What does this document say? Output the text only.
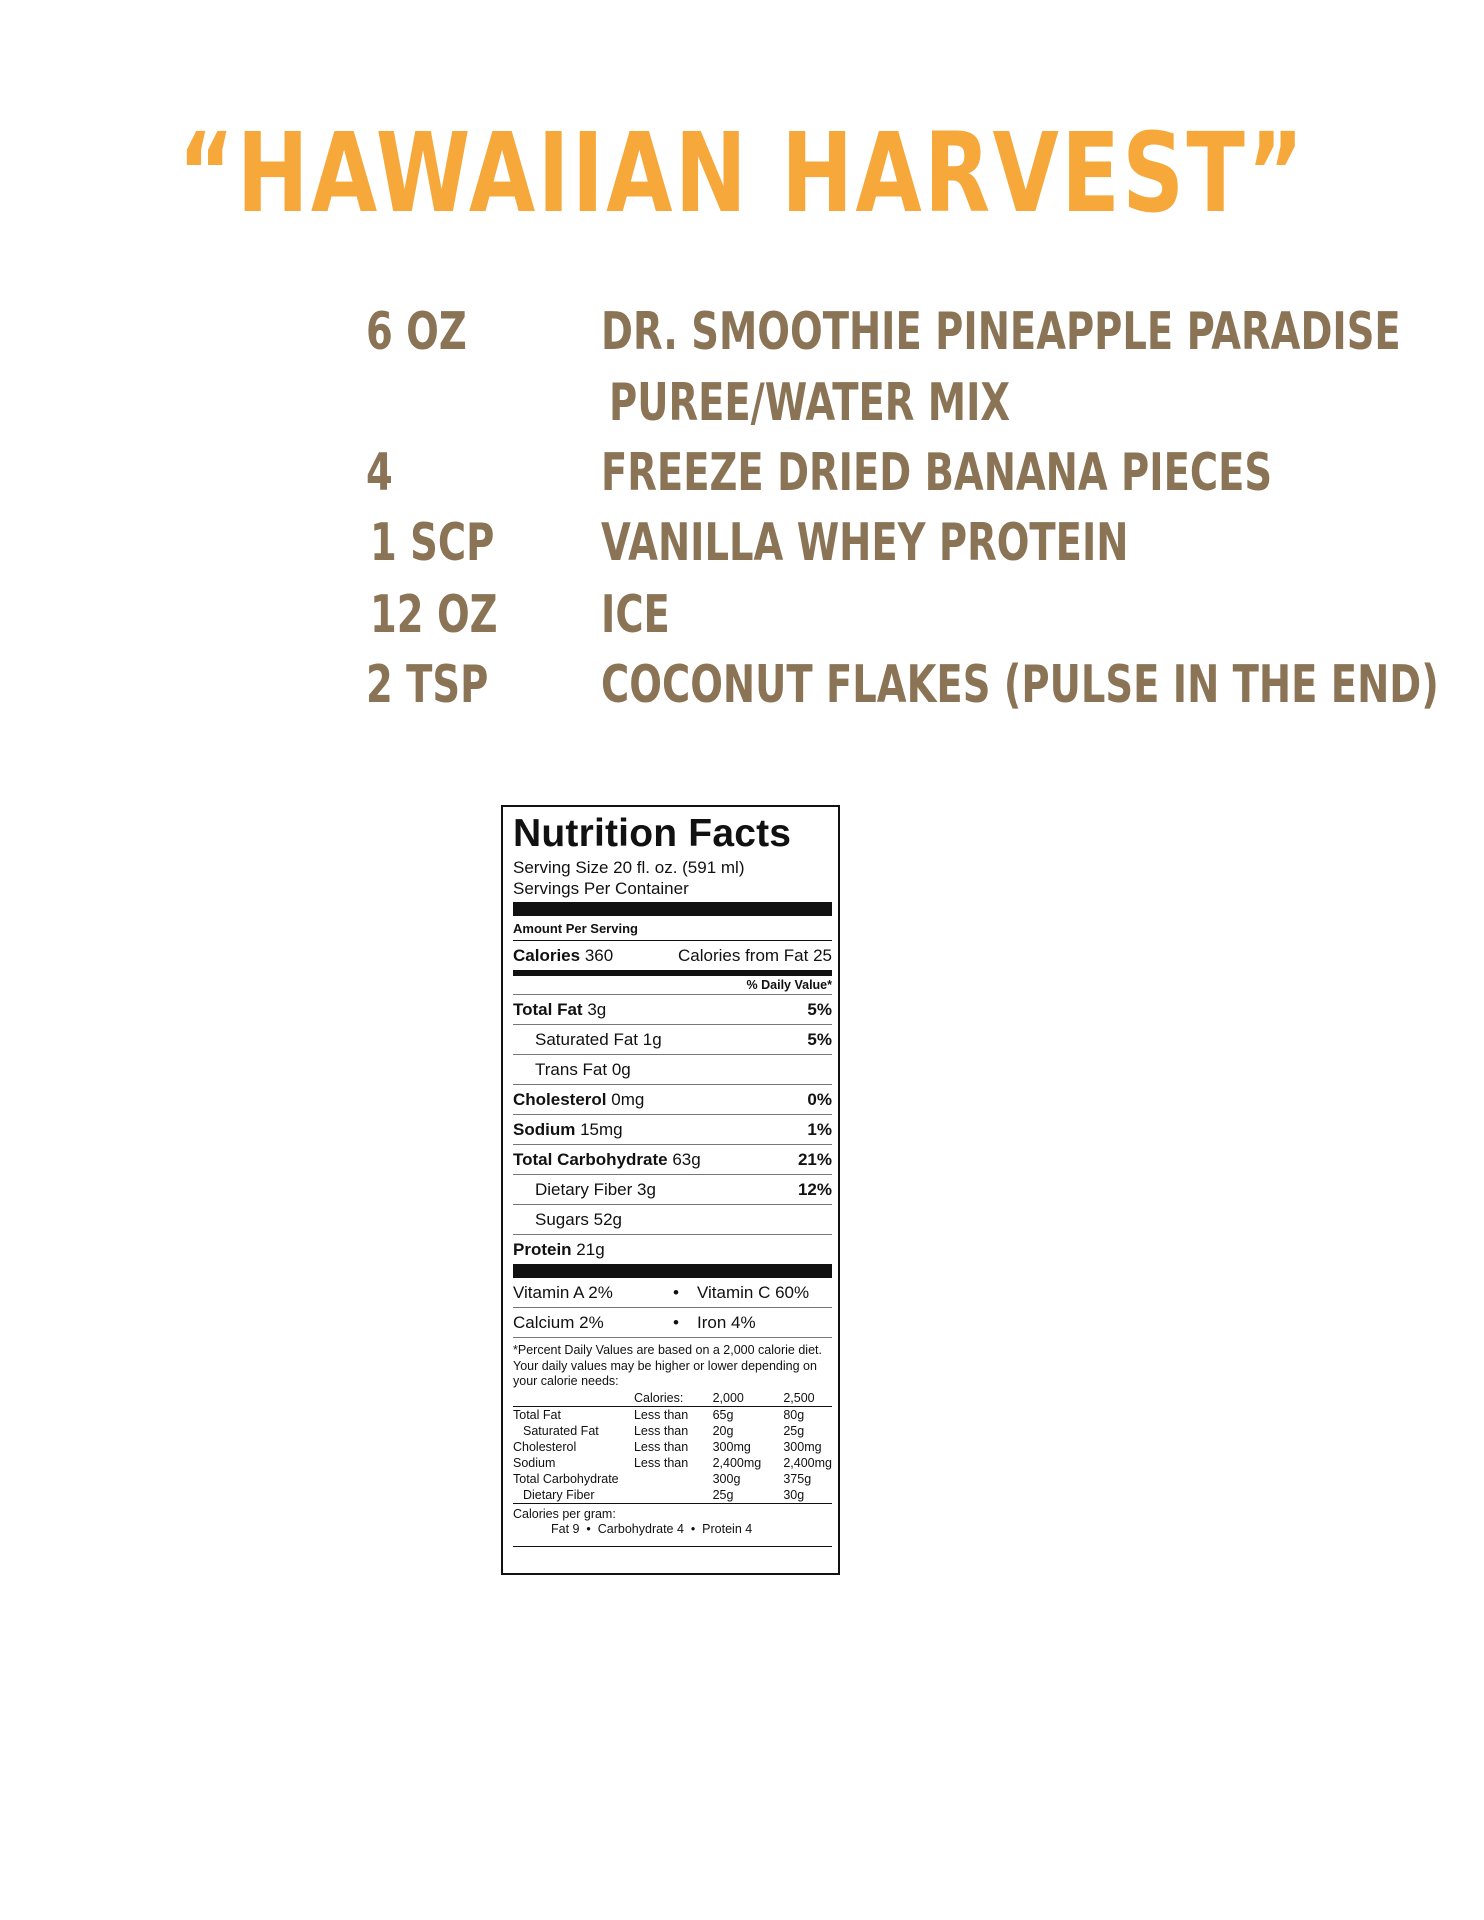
“HAWAIIAN HARVEST”
6 OZ	DR. SMOOTHIE PINEAPPLE PARADISE
PUREE/WATER MIX
4	FREEZE DRIED BANANA PIECES
1 SCP VANILLA WHEY PROTEIN
12 OZ ICE
2 TSP COCONUT FLAKES (PULSE IN THE END)
Nutrition Facts
Serving Size 20 fl. oz. (591 ml)
Servings Per Container
Amount Per Serving
Calories 360	Calories from Fat 25
% Daily Value*
Total Fat 3g	5%
Saturated Fat 1g	5%
Trans Fat 0g
Cholesterol 0mg	0%
Sodium 15mg	1%
Total Carbohydrate 63g	21%
Dietary Fiber 3g	12%
Sugars 52g
Protein 21g
Vitamin A 2%	•	Vitamin C 60%
Calcium 2%	•	Iron 4%
*Percent Daily Values are based on a 2,000 calorie diet. Your daily values may be higher or lower depending on your calorie needs:
	Calories:	2,000	2,500
Total Fat	Less than	65g	80g
Saturated Fat	Less than	20g	25g
Cholesterol	Less than	300mg	300mg
Sodium	Less than	2,400mg	2,400mg
Total Carbohydrate		300g	375g
Dietary Fiber		25g	30g
Calories per gram:
Fat 9  •  Carbohydrate 4  •  Protein 4
